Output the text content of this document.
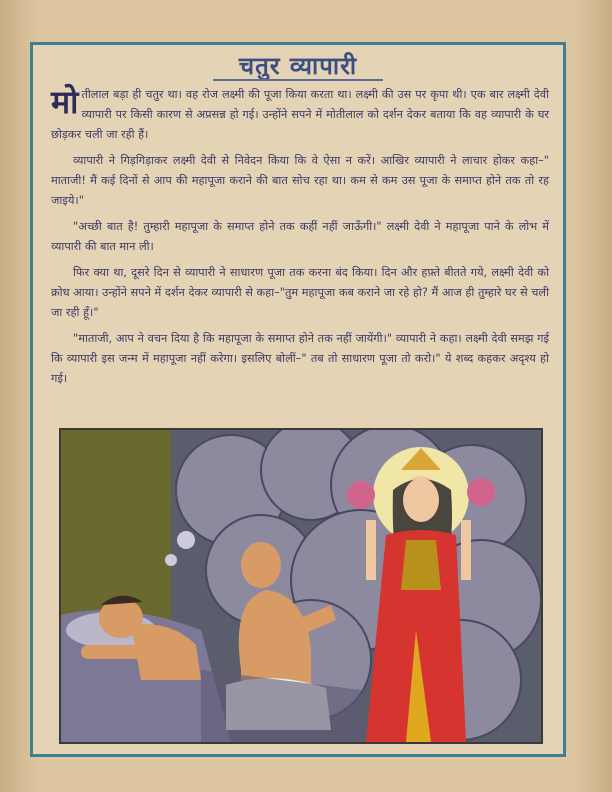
चतुर व्यापारी

मोतीलाल बड़ा ही चतुर था। वह रोज लक्ष्मी की पूजा किया करता था। लक्ष्मी की उस पर कृपा थी। एक बार लक्ष्मी देवी व्यापारी पर किसी कारण से अप्रसन्न हो गई। उन्होंने सपने में मोतीलाल को दर्शन देकर बताया कि वह व्यापारी के घर छोड़कर चली जा रही हैं।

व्यापारी ने गिड़गिड़ाकर लक्ष्मी देवी से निवेदन किया कि वे ऐसा न करें। आखिर व्यापारी ने लाचार होकर कहा–" माताजी! मैं कई दिनों से आप की महापूजा कराने की बात सोच रहा था। कम से कम उस पूजा के समाप्त होने तक तो रह जाइये।"

"अच्छी बात है! तुम्हारी महापूजा के समाप्त होने तक कहीं नहीं जाऊँगी।" लक्ष्मी देवी ने महापूजा पाने के लोभ में व्यापारी की बात मान ली।

फिर क्या था, दूसरे दिन से व्यापारी ने साधारण पूजा तक करना बंद किया। दिन और हफ़्ते बीतते गये, लक्ष्मी देवी को क्रोध आया। उन्होंने सपने में दर्शन देकर व्यापारी से कहा–"तुम महापूजा कब कराने जा रहे हो? मैं आज ही तुम्हारे घर से चली जा रही हूँ।"

"माताजी, आप ने वचन दिया है कि महापूजा के समाप्त होने तक नहीं जायेंगी।" व्यापारी ने कहा। लक्ष्मी देवी समझ गई कि व्यापारी इस जन्म में महापूजा नहीं करेगा। इसलिए बोलीं–" तब तो साधारण पूजा तो करो।" ये शब्द कहकर अदृश्य हो गई।
